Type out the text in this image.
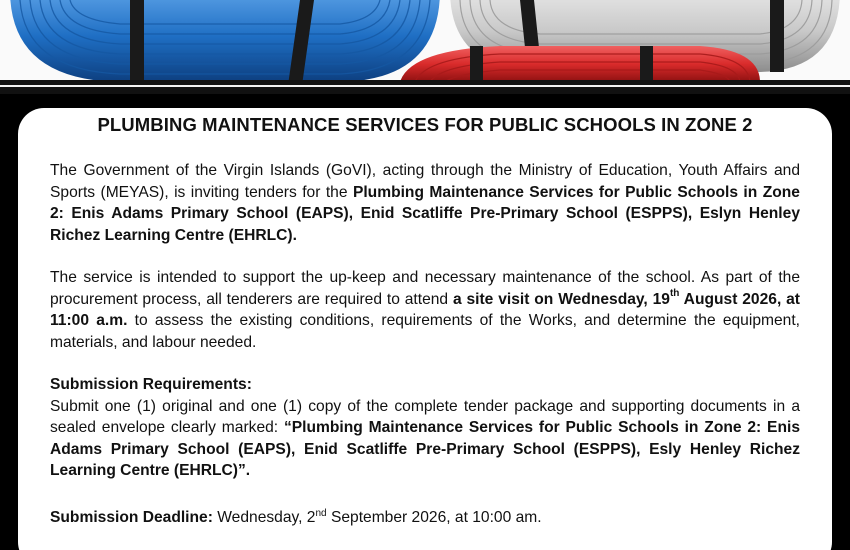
PLUMBING MAINTENANCE SERVICES FOR PUBLIC SCHOOLS IN ZONE 2

The Government of the Virgin Islands (GoVI), acting through the Ministry of Education, Youth Affairs and Sports (MEYAS), is inviting tenders for the Plumbing Maintenance Services for Public Schools in Zone 2: Enis Adams Primary School (EAPS), Enid Scatliffe Pre-Primary School (ESPPS), Eslyn Henley Richez Learning Centre (EHRLC).

The service is intended to support the up-keep and necessary maintenance of the school. As part of the procurement process, all tenderers are required to attend a site visit on Wednesday, 19th August 2026, at 11:00 a.m. to assess the existing conditions, requirements of the Works, and determine the equipment, materials, and labour needed.

Submission Requirements:

Submit one (1) original and one (1) copy of the complete tender package and supporting documents in a sealed envelope clearly marked: “Plumbing Maintenance Services for Public Schools in Zone 2: Enis Adams Primary School (EAPS), Enid Scatliffe Pre-Primary School (ESPPS), Esly Henley Richez Learning Centre (EHRLC)”.

Submission Deadline: Wednesday, 2nd September 2026, at 10:00 am.
